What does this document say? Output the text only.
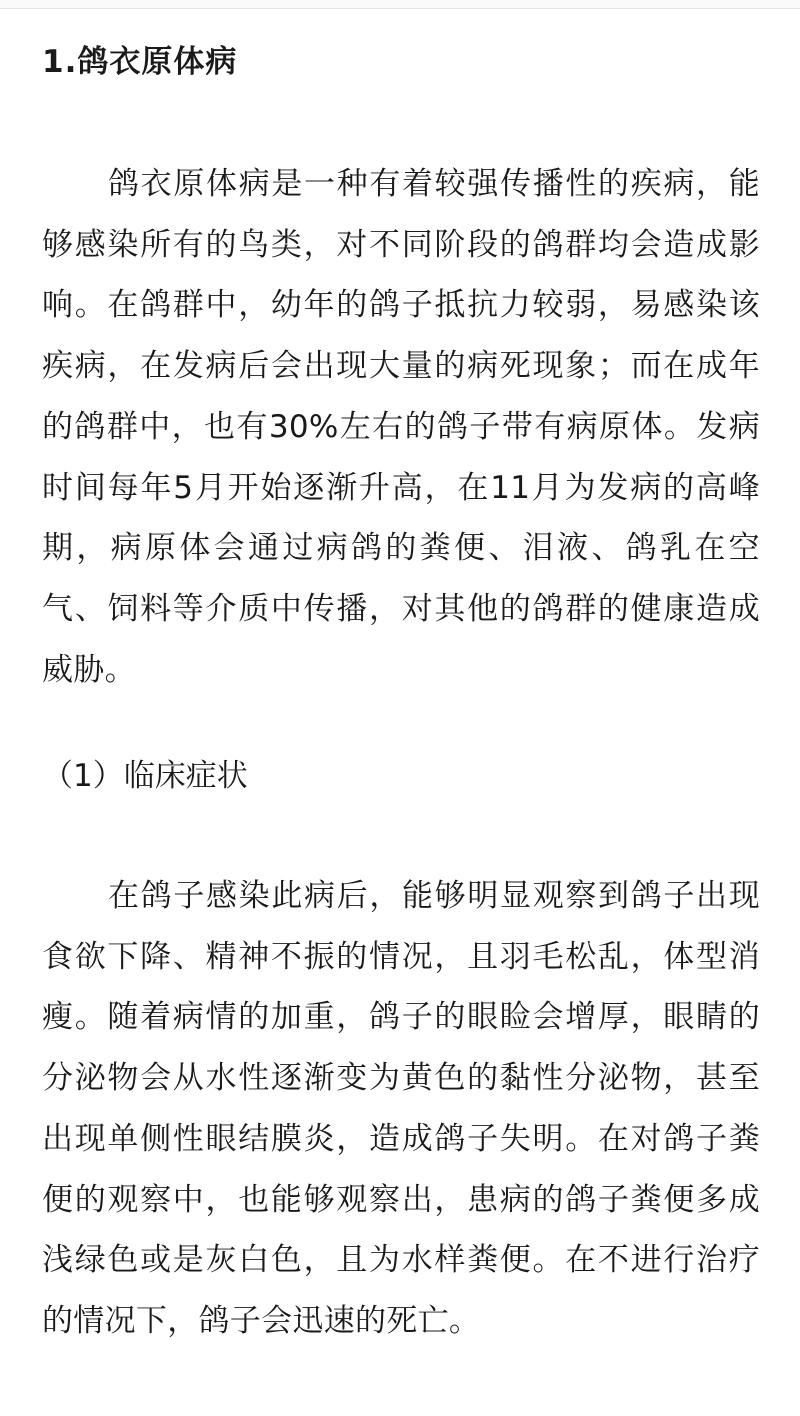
1.鸽衣原体病
鸽衣原体病是一种有着较强传播性的疾病，能够感染所有的鸟类，对不同阶段的鸽群均会造成影响。在鸽群中，幼年的鸽子抵抗力较弱，易感染该疾病，在发病后会出现大量的病死现象；而在成年的鸽群中，也有30%左右的鸽子带有病原体。发病时间每年5月开始逐渐升高，在11月为发病的高峰期，病原体会通过病鸽的粪便、泪液、鸽乳在空气、饲料等介质中传播，对其他的鸽群的健康造成威胁。
（1）临床症状
在鸽子感染此病后，能够明显观察到鸽子出现食欲下降、精神不振的情况，且羽毛松乱，体型消瘦。随着病情的加重，鸽子的眼睑会增厚，眼睛的分泌物会从水性逐渐变为黄色的黏性分泌物，甚至出现单侧性眼结膜炎，造成鸽子失明。在对鸽子粪便的观察中，也能够观察出，患病的鸽子粪便多成浅绿色或是灰白色，且为水样粪便。在不进行治疗的情况下，鸽子会迅速的死亡。
